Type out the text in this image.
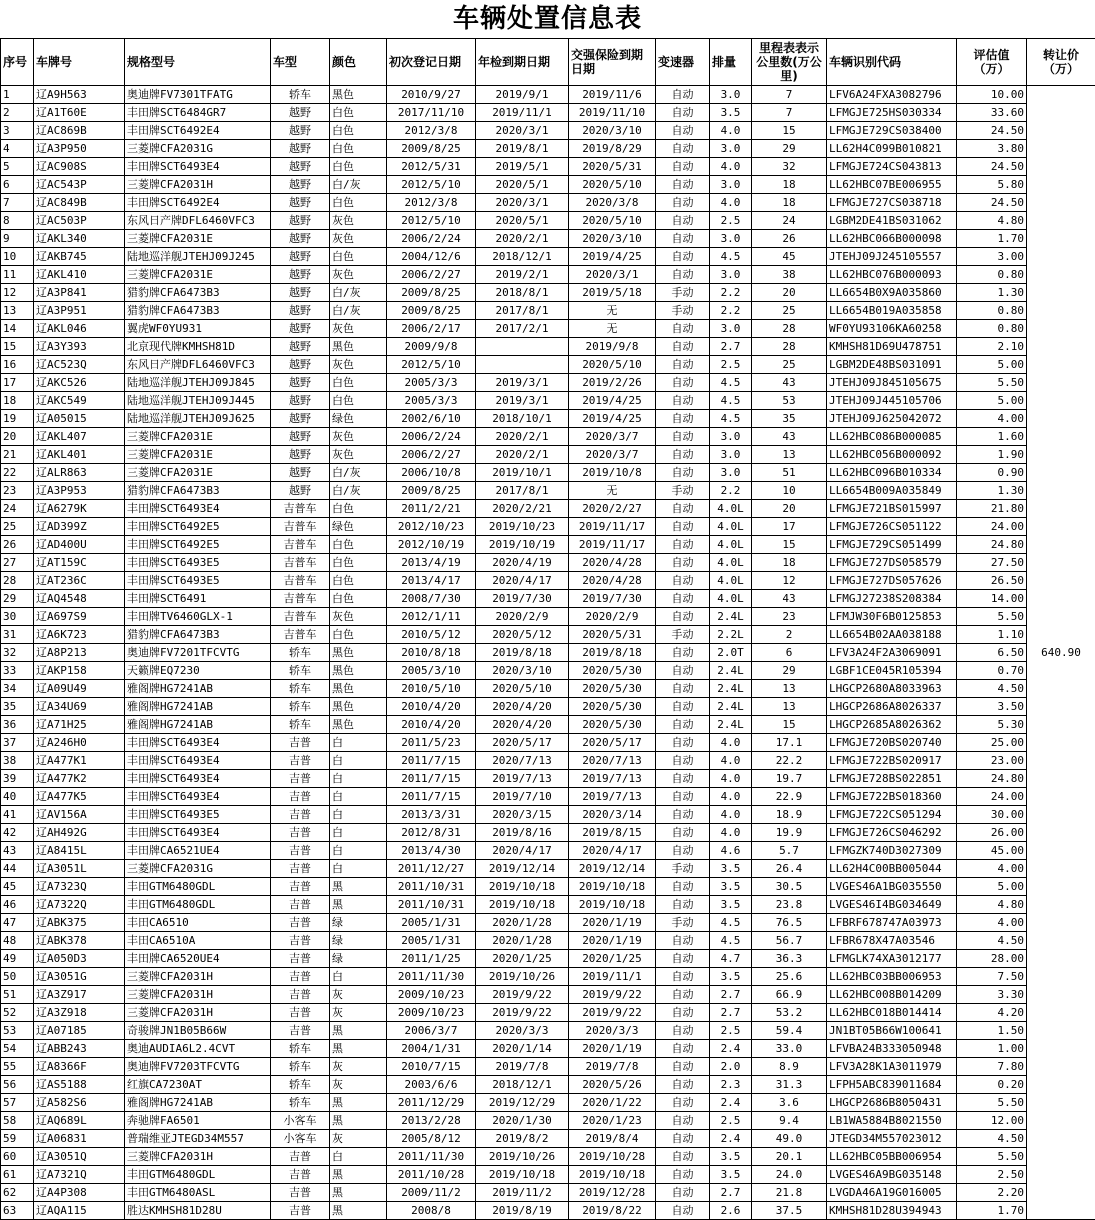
车辆处置信息表
序号	车牌号	规格型号	车型	颜色	初次登记日期	年检到期日期	交强保险到期日期	变速器	排量	里程表表示公里数(万公里)	车辆识别代码	评估值（万）	转让价（万）
1	辽A9H563	奥迪牌FV7301TFATG	轿车	黑色	2010/9/27	2019/9/1	2019/11/6	自动	3.0	7	LFV6A24FXA3082796	10.00	640.90
2	辽A1T60E	丰田牌SCT6484GR7	越野	白色	2017/11/10	2019/11/1	2019/11/10	自动	3.5	7	LFMGJE725HS030334	33.60	
3	辽AC869B	丰田牌SCT6492E4	越野	白色	2012/3/8	2020/3/1	2020/3/10	自动	4.0	15	LFMGJE729CS038400	24.50	
4	辽A3P950	三菱牌CFA2031G	越野	白色	2009/8/25	2019/8/1	2019/8/29	自动	3.0	29	LL62H4C099B010821	3.80	
5	辽AC908S	丰田牌SCT6493E4	越野	白色	2012/5/31	2019/5/1	2020/5/31	自动	4.0	32	LFMGJE724CS043813	24.50	
6	辽AC543P	三菱牌CFA2031H	越野	白/灰	2012/5/10	2020/5/1	2020/5/10	自动	3.0	18	LL62HBC07BE006955	5.80	
7	辽AC849B	丰田牌SCT6492E4	越野	白色	2012/3/8	2020/3/1	2020/3/8	自动	4.0	18	LFMGJE727CS038718	24.50	
8	辽AC503P	东风日产牌DFL6460VFC3	越野	灰色	2012/5/10	2020/5/1	2020/5/10	自动	2.5	24	LGBM2DE41BS031062	4.80	
9	辽AKL340	三菱牌CFA2031E	越野	灰色	2006/2/24	2020/2/1	2020/3/10	自动	3.0	26	LL62HBC066B000098	1.70	
10	辽AKB745	陆地巡洋舰JTEHJ09J245	越野	白色	2004/12/6	2018/12/1	2019/4/25	自动	4.5	45	JTEHJ09J245105557	3.00	
11	辽AKL410	三菱牌CFA2031E	越野	灰色	2006/2/27	2019/2/1	2020/3/1	自动	3.0	38	LL62HBC076B000093	0.80	
12	辽A3P841	猎豹牌CFA6473B3	越野	白/灰	2009/8/25	2018/8/1	2019/5/18	手动	2.2	20	LL6654B0X9A035860	1.30	
13	辽A3P951	猎豹牌CFA6473B3	越野	白/灰	2009/8/25	2017/8/1	无	手动	2.2	25	LL6654B019A035858	0.80	
14	辽AKL046	翼虎WF0YU931	越野	灰色	2006/2/17	2017/2/1	无	自动	3.0	28	WF0YU93106KA60258	0.80	
15	辽A3Y393	北京现代牌KMHSH81D	越野	黑色	2009/9/8		2019/9/8	自动	2.7	28	KMHSH81D69U478751	2.10	
16	辽AC523Q	东风日产牌DFL6460VFC3	越野	灰色	2012/5/10		2020/5/10	自动	2.5	25	LGBM2DE48BS031091	5.00	
17	辽AKC526	陆地巡洋舰JTEHJ09J845	越野	白色	2005/3/3	2019/3/1	2019/2/26	自动	4.5	43	JTEHJ09J845105675	5.50	
18	辽AKC549	陆地巡洋舰JTEHJ09J445	越野	白色	2005/3/3	2019/3/1	2019/4/25	自动	4.5	53	JTEHJ09J445105706	5.00	
19	辽A05015	陆地巡洋舰JTEHJ09J625	越野	绿色	2002/6/10	2018/10/1	2019/4/25	自动	4.5	35	JTEHJ09J625042072	4.00	
20	辽AKL407	三菱牌CFA2031E	越野	灰色	2006/2/24	2020/2/1	2020/3/7	自动	3.0	43	LL62HBC086B000085	1.60	
21	辽AKL401	三菱牌CFA2031E	越野	灰色	2006/2/27	2020/2/1	2020/3/7	自动	3.0	13	LL62HBC056B000092	1.90	
22	辽ALR863	三菱牌CFA2031E	越野	白/灰	2006/10/8	2019/10/1	2019/10/8	自动	3.0	51	LL62HBC096B010334	0.90	
23	辽A3P953	猎豹牌CFA6473B3	越野	白/灰	2009/8/25	2017/8/1	无	手动	2.2	10	LL6654B009A035849	1.30	
24	辽A6279K	丰田牌SCT6493E4	吉普车	白色	2011/2/21	2020/2/21	2020/2/27	自动	4.0L	20	LFMGJE721BS015997	21.80	
25	辽AD399Z	丰田牌SCT6492E5	吉普车	绿色	2012/10/23	2019/10/23	2019/11/17	自动	4.0L	17	LFMGJE726CS051122	24.00	
26	辽AD400U	丰田牌SCT6492E5	吉普车	白色	2012/10/19	2019/10/19	2019/11/17	自动	4.0L	15	LFMGJE729CS051499	24.80	
27	辽AT159C	丰田牌SCT6493E5	吉普车	白色	2013/4/19	2020/4/19	2020/4/28	自动	4.0L	18	LFMGJE727DS058579	27.50	
28	辽AT236C	丰田牌SCT6493E5	吉普车	白色	2013/4/17	2020/4/17	2020/4/28	自动	4.0L	12	LFMGJE727DS057626	26.50	
29	辽AQ4548	丰田牌SCT6491	吉普车	白色	2008/7/30	2019/7/30	2019/7/30	自动	4.0L	43	LFMGJ27238S208384	14.00	
30	辽A697S9	丰田牌TV6460GLX-1	吉普车	灰色	2012/1/11	2020/2/9	2020/2/9	自动	2.4L	23	LFMJW30F6B0125853	5.50	
31	辽A6K723	猎豹牌CFA6473B3	吉普车	白色	2010/5/12	2020/5/12	2020/5/31	手动	2.2L	2	LL6654B02AA038188	1.10	
32	辽A8P213	奥迪牌FV7201TFCVTG	轿车	黑色	2010/8/18	2019/8/18	2019/8/18	自动	2.0T	6	LFV3A24F2A3069091	6.50	
33	辽AKP158	天籁牌EQ7230	轿车	黑色	2005/3/10	2020/3/10	2020/5/30	自动	2.4L	29	LGBF1CE045R105394	0.70	
34	辽A09U49	雅阁牌HG7241AB	轿车	黑色	2010/5/10	2020/5/10	2020/5/30	自动	2.4L	13	LHGCP2680A8033963	4.50	
35	辽A34U69	雅阁牌HG7241AB	轿车	黑色	2010/4/20	2020/4/20	2020/5/30	自动	2.4L	13	LHGCP2686A8026337	3.50	
36	辽A71H25	雅阁牌HG7241AB	轿车	黑色	2010/4/20	2020/4/20	2020/5/30	自动	2.4L	15	LHGCP2685A8026362	5.30	
37	辽A246H0	丰田牌SCT6493E4	吉普	白	2011/5/23	2020/5/17	2020/5/17	自动	4.0	17.1	LFMGJE720BS020740	25.00	
38	辽A477K1	丰田牌SCT6493E4	吉普	白	2011/7/15	2020/7/13	2020/7/13	自动	4.0	22.2	LFMGJE722BS020917	23.00	
39	辽A477K2	丰田牌SCT6493E4	吉普	白	2011/7/15	2019/7/13	2019/7/13	自动	4.0	19.7	LFMGJE728BS022851	24.80	
40	辽A477K5	丰田牌SCT6493E4	吉普	白	2011/7/15	2019/7/10	2019/7/13	自动	4.0	22.9	LFMGJE722BS018360	24.00	
41	辽AV156A	丰田牌SCT6493E5	吉普	白	2013/3/31	2020/3/15	2020/3/14	自动	4.0	18.9	LFMGJE722CS051294	30.00	
42	辽AH492G	丰田牌SCT6493E4	吉普	白	2012/8/31	2019/8/16	2019/8/15	自动	4.0	19.9	LFMGJE726CS046292	26.00	
43	辽A8415L	丰田牌CA6521UE4	吉普	白	2013/4/30	2020/4/17	2020/4/17	自动	4.6	5.7	LFMGZK740D3027309	45.00	
44	辽A3051L	三菱牌CFA2031G	吉普	白	2011/12/27	2019/12/14	2019/12/14	手动	3.5	26.4	LL62H4C00BB005044	4.00	
45	辽A7323Q	丰田GTM6480GDL	吉普	黑	2011/10/31	2019/10/18	2019/10/18	自动	3.5	30.5	LVGES46A1BG035550	5.00	
46	辽A7322Q	丰田GTM6480GDL	吉普	黑	2011/10/31	2019/10/18	2019/10/18	自动	3.5	23.8	LVGES46I4BG034649	4.80	
47	辽ABK375	丰田CA6510	吉普	绿	2005/1/31	2020/1/28	2020/1/19	手动	4.5	76.5	LFBRF678747A03973	4.00	
48	辽ABK378	丰田CA6510A	吉普	绿	2005/1/31	2020/1/28	2020/1/19	自动	4.5	56.7	LFBR678X47A03546	4.50	
49	辽A050D3	丰田牌CA6520UE4	吉普	绿	2011/1/25	2020/1/25	2020/1/25	自动	4.7	36.3	LFMGLK74XA3012177	28.00	
50	辽A3051G	三菱牌CFA2031H	吉普	白	2011/11/30	2019/10/26	2019/11/1	自动	3.5	25.6	LL62HBC03BB006953	7.50	
51	辽A3Z917	三菱牌CFA2031H	吉普	灰	2009/10/23	2019/9/22	2019/9/22	自动	2.7	66.9	LL62HBC008B014209	3.30	
52	辽A3Z918	三菱牌CFA2031H	吉普	灰	2009/10/23	2019/9/22	2019/9/22	自动	2.7	53.2	LL62HBC018B014414	4.20	
53	辽A07185	奇骏牌JN1B05B66W	吉普	黑	2006/3/7	2020/3/3	2020/3/3	自动	2.5	59.4	JN1BT05B66W100641	1.50	
54	辽ABB243	奥迪AUDIA6L2.4CVT	轿车	黑	2004/1/31	2020/1/14	2020/1/19	自动	2.4	33.0	LFVBA24B333050948	1.00	
55	辽A8366F	奥迪牌FV7203TFCVTG	轿车	灰	2010/7/15	2019/7/8	2019/7/8	自动	2.0	8.9	LFV3A28K1A3011979	7.80	
56	辽AS5188	红旗CA7230AT	轿车	灰	2003/6/6	2018/12/1	2020/5/26	自动	2.3	31.3	LFPH5ABC839011684	0.20	
57	辽A582S6	雅阁牌HG7241AB	轿车	黑	2011/12/29	2019/12/29	2020/1/22	自动	2.4	3.6	LHGCP2686B8050431	5.50	
58	辽AQ689L	奔驰牌FA6501	小客车	黑	2013/2/28	2020/1/30	2020/1/23	自动	2.5	9.4	LB1WA5884B8021550	12.00	
59	辽A06831	普瑞维亚JTEGD34M557	小客车	灰	2005/8/12	2019/8/2	2019/8/4	自动	2.4	49.0	JTEGD34M557023012	4.50	
60	辽A3051Q	三菱牌CFA2031H	吉普	白	2011/11/30	2019/10/26	2019/10/28	自动	3.5	20.1	LL62HBC05BB006954	5.50	
61	辽A7321Q	丰田GTM6480GDL	吉普	黑	2011/10/28	2019/10/18	2019/10/18	自动	3.5	24.0	LVGES46A9BG035148	2.50	
62	辽A4P308	丰田GTM6480ASL	吉普	黑	2009/11/2	2019/11/2	2019/12/28	自动	2.7	21.8	LVGDA46A19G016005	2.20	
63	辽AQA115	胜达KMHSH81D28U	吉普	黑	2008/8	2019/8/19	2019/8/22	自动	2.6	37.5	KMHSH81D28U394943	1.70	
